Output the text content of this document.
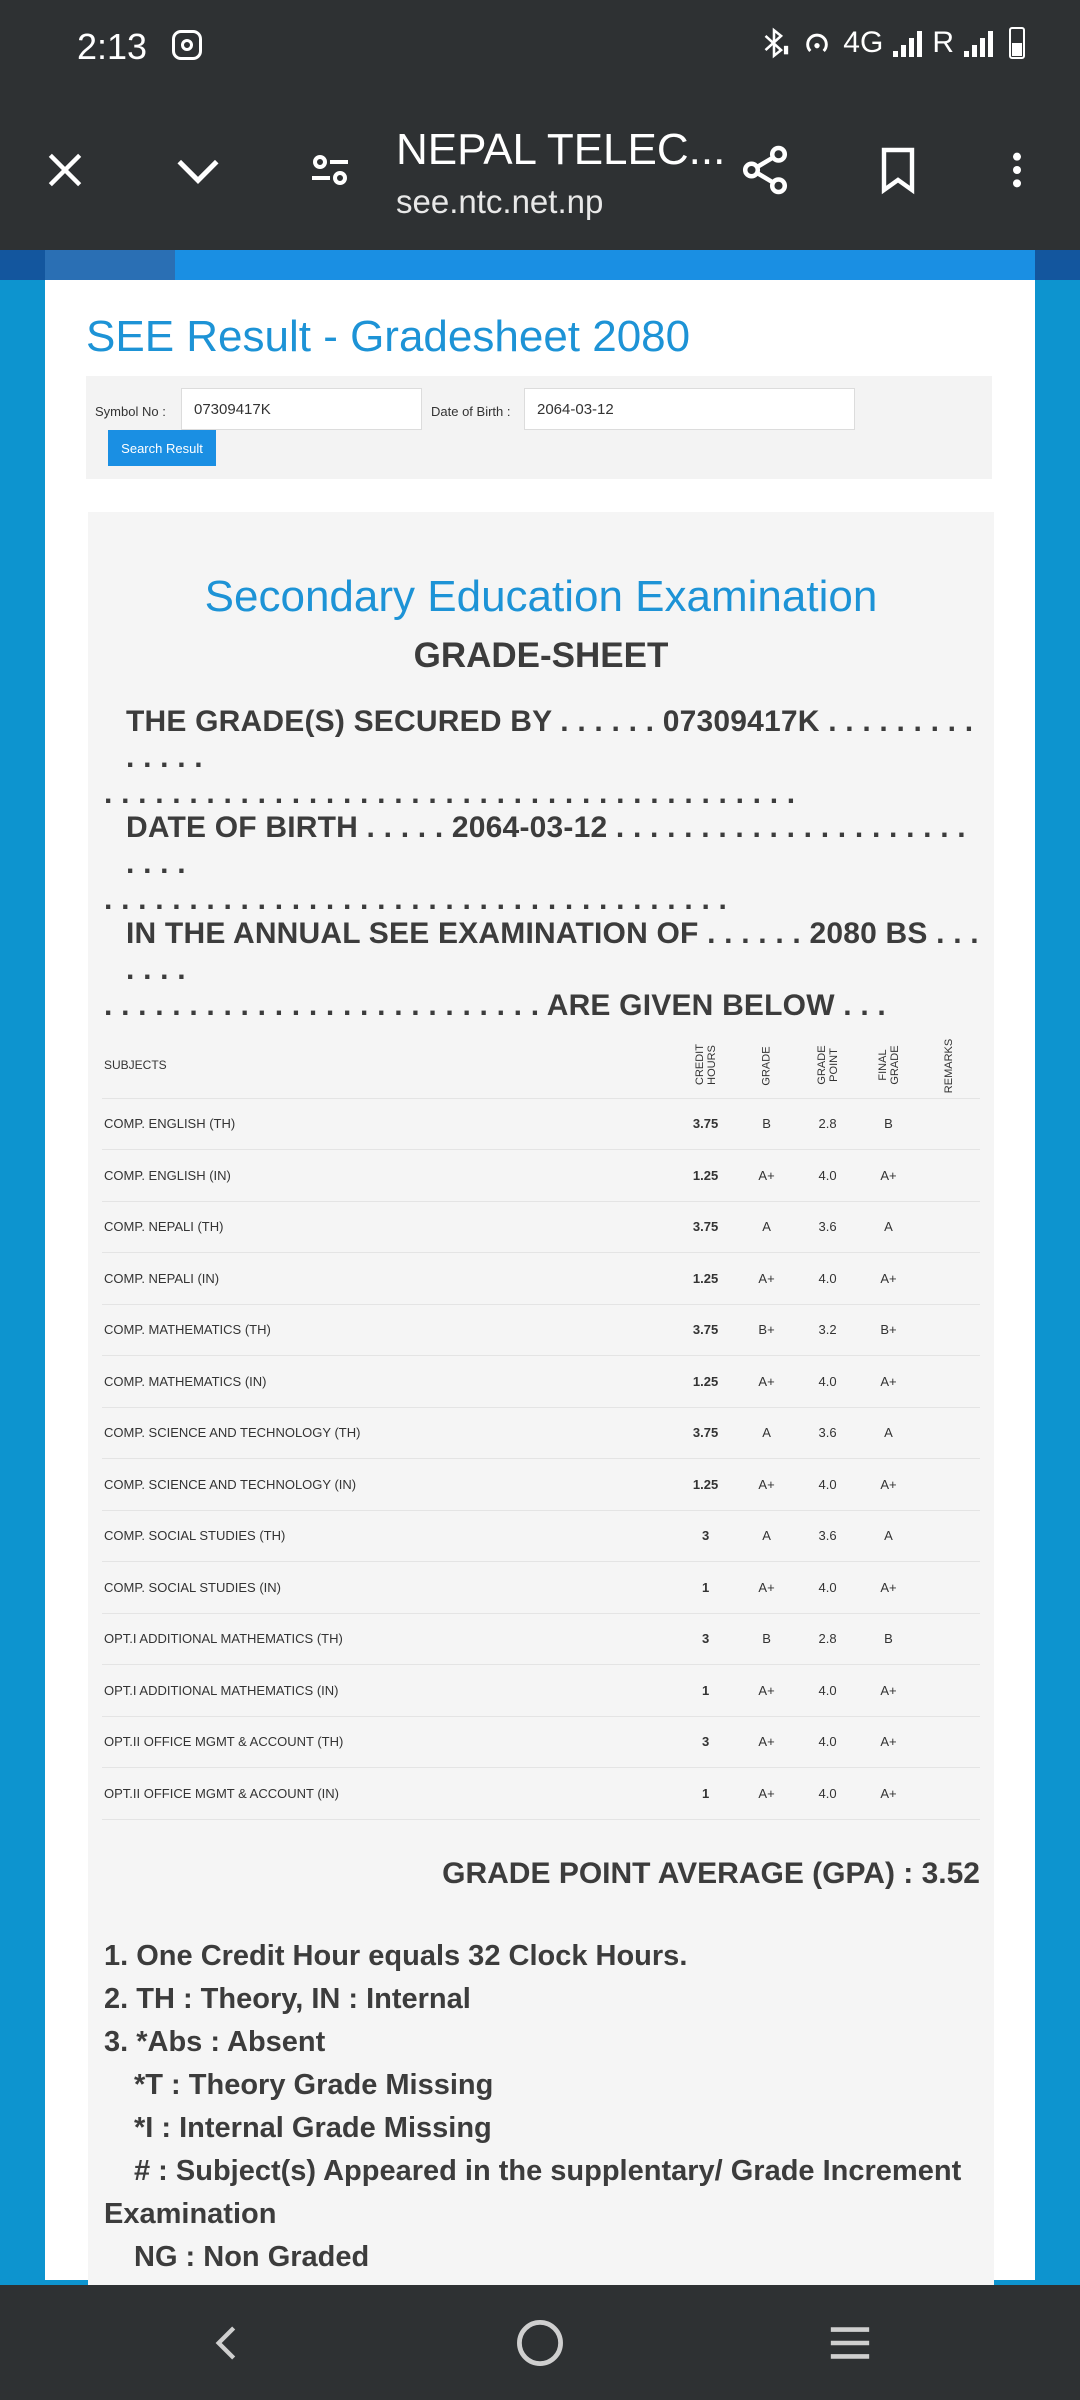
2:13	4G R
NEPAL TELEC...
see.ntc.net.np
SEE Result - Gradesheet 2080
Symbol No :	07309417K	Date of Birth :	2064-03-12
Search Result
Secondary Education Examination
GRADE-SHEET
THE GRADE(S) SECURED BY . . . . . . 07309417K . . . . . . . . . . . . . .
. . . . . . . . . . . . . . . . . . . . . . . . . . . . . . . . . . . . . . . . .
DATE OF BIRTH . . . . . 2064-03-12 . . . . . . . . . . . . . . . . . . . . . . . . .
. . . . . . . . . . . . . . . . . . . . . . . . . . . . . . . . . . . . .
IN THE ANNUAL SEE EXAMINATION OF . . . . . . 2080 BS . . . . . . .
. . . . . . . . . . . . . . . . . . . . . . . . . . ARE GIVEN BELOW . . .
SUBJECTS	CREDIT HOURS	GRADE	GRADE POINT	FINAL GRADE	REMARKS
COMP. ENGLISH (TH)	3.75	B	2.8	B	
COMP. ENGLISH (IN)	1.25	A+	4.0	A+	
COMP. NEPALI (TH)	3.75	A	3.6	A	
COMP. NEPALI (IN)	1.25	A+	4.0	A+	
COMP. MATHEMATICS (TH)	3.75	B+	3.2	B+	
COMP. MATHEMATICS (IN)	1.25	A+	4.0	A+	
COMP. SCIENCE AND TECHNOLOGY (TH)	3.75	A	3.6	A	
COMP. SCIENCE AND TECHNOLOGY (IN)	1.25	A+	4.0	A+	
COMP. SOCIAL STUDIES (TH)	3	A	3.6	A	
COMP. SOCIAL STUDIES (IN)	1	A+	4.0	A+	
OPT.I ADDITIONAL MATHEMATICS (TH)	3	B	2.8	B	
OPT.I ADDITIONAL MATHEMATICS (IN)	1	A+	4.0	A+	
OPT.II OFFICE MGMT & ACCOUNT (TH)	3	A+	4.0	A+	
OPT.II OFFICE MGMT & ACCOUNT (IN)	1	A+	4.0	A+	
GRADE POINT AVERAGE (GPA) : 3.52
1. One Credit Hour equals 32 Clock Hours.
2. TH : Theory, IN : Internal
3. *Abs : Absent
*T : Theory Grade Missing
*I : Internal Grade Missing
# : Subject(s) Appeared in the supplentary/ Grade Increment
Examination
NG : Non Graded
